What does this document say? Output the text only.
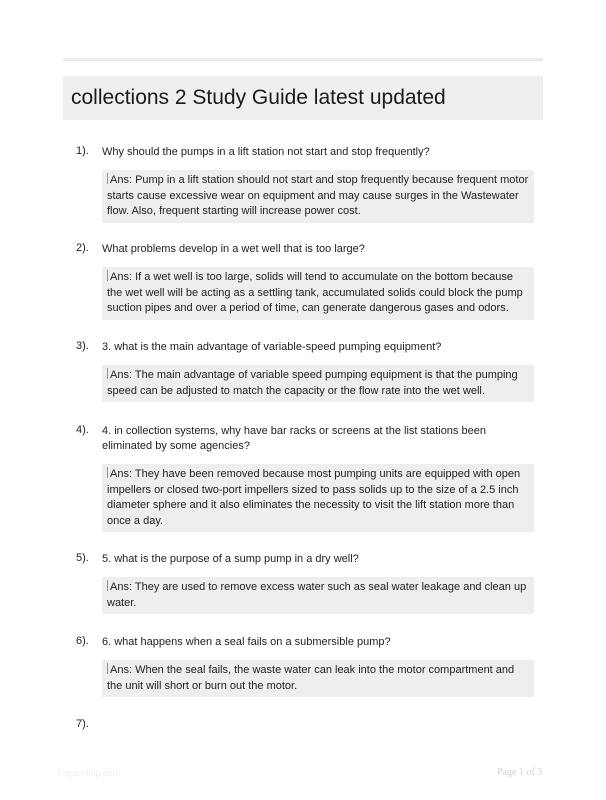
collections 2 Study Guide latest updated
1). Why should the pumps in a lift station not start and stop frequently?
Ans: Pump in a lift station should not start and stop frequently because frequent motor starts cause excessive wear on equipment and may cause surges in the Wastewater flow. Also, frequent starting will increase power cost.
2). What problems develop in a wet well that is too large?
Ans: If a wet well is too large, solids will tend to accumulate on the bottom because the wet well will be acting as a settling tank, accumulated solids could block the pump suction pipes and over a period of time, can generate dangerous gases and odors.
3). 3. what is the main advantage of variable-speed pumping equipment?
Ans: The main advantage of variable speed pumping equipment is that the pumping speed can be adjusted to match the capacity or the flow rate into the wet well.
4). 4. in collection systems, why have bar racks or screens at the list stations been eliminated by some agencies?
Ans: They have been removed because most pumping units are equipped with open impellers or closed two-port impellers sized to pass solids up to the size of a 2.5 inch diameter sphere and it also eliminates the necessity to visit the lift station more than once a day.
5). 5. what is the purpose of a sump pump in a dry well?
Ans: They are used to remove excess water such as seal water leakage and clean up water.
6). 6. what happens when a seal fails on a submersible pump?
Ans: When the seal fails, the waste water can leak into the motor compartment and the unit will short or burn out the motor.
7).
PaperHelp.com	Page 1 of 3
